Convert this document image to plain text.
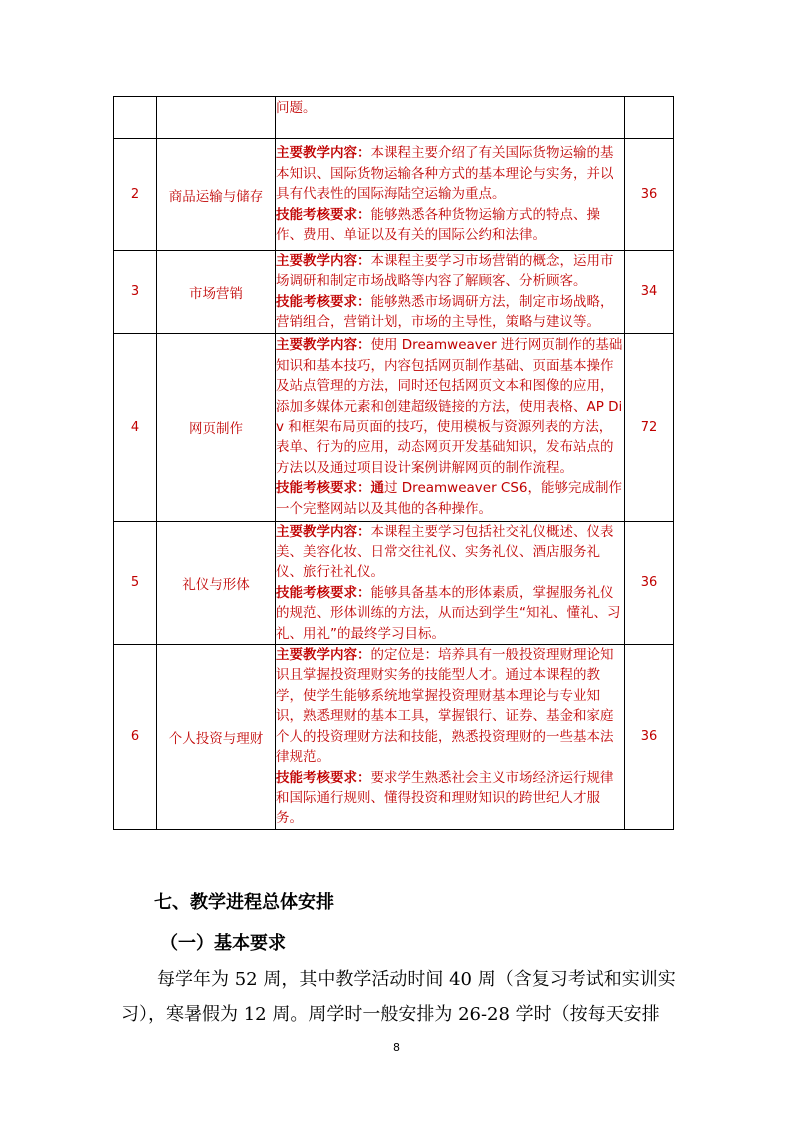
		问题。	
2	商品运输与储存	主要教学内容：本课程主要介绍了有关国际货物运输的基本知识、国际货物运输各种方式的基本理论与实务，并以具有代表性的国际海陆空运输为重点。
技能考核要求：能够熟悉各种货物运输方式的特点、操作、费用、单证以及有关的国际公约和法律。	36
3	市场营销	主要教学内容：本课程主要学习市场营销的概念，运用市场调研和制定市场战略等内容了解顾客、分析顾客。
技能考核要求：能够熟悉市场调研方法，制定市场战略，营销组合，营销计划，市场的主导性，策略与建议等。	34
4	网页制作	主要教学内容：使用 Dreamweaver 进行网页制作的基础知识和基本技巧，内容包括网页制作基础、页面基本操作及站点管理的方法，同时还包括网页文本和图像的应用，添加多媒体元素和创建超级链接的方法，使用表格、AP Div 和框架布局页面的技巧，使用模板与资源列表的方法，表单、行为的应用，动态网页开发基础知识，发布站点的方法以及通过项目设计案例讲解网页的制作流程。
技能考核要求：通过 Dreamweaver CS6，能够完成制作一个完整网站以及其他的各种操作。	72
5	礼仪与形体	主要教学内容：本课程主要学习包括社交礼仪概述、仪表美、美容化妆、日常交往礼仪、实务礼仪、酒店服务礼仪、旅行社礼仪。
技能考核要求：能够具备基本的形体素质，掌握服务礼仪的规范、形体训练的方法，从而达到学生“知礼、懂礼、习礼、用礼”的最终学习目标。	36
6	个人投资与理财	主要教学内容：的定位是：培养具有一般投资理财理论知识且掌握投资理财实务的技能型人才。通过本课程的教学，使学生能够系统地掌握投资理财基本理论与专业知识，熟悉理财的基本工具，掌握银行、证券、基金和家庭个人的投资理财方法和技能，熟悉投资理财的一些基本法律规范。
技能考核要求：要求学生熟悉社会主义市场经济运行规律和国际通行规则、懂得投资和理财知识的跨世纪人才服务。	36
七、教学进程总体安排
（一）基本要求
每学年为 52 周，其中教学活动时间 40 周（含复习考试和实训实习），寒暑假为 12 周。周学时一般安排为 26-28 学时（按每天安排
8
